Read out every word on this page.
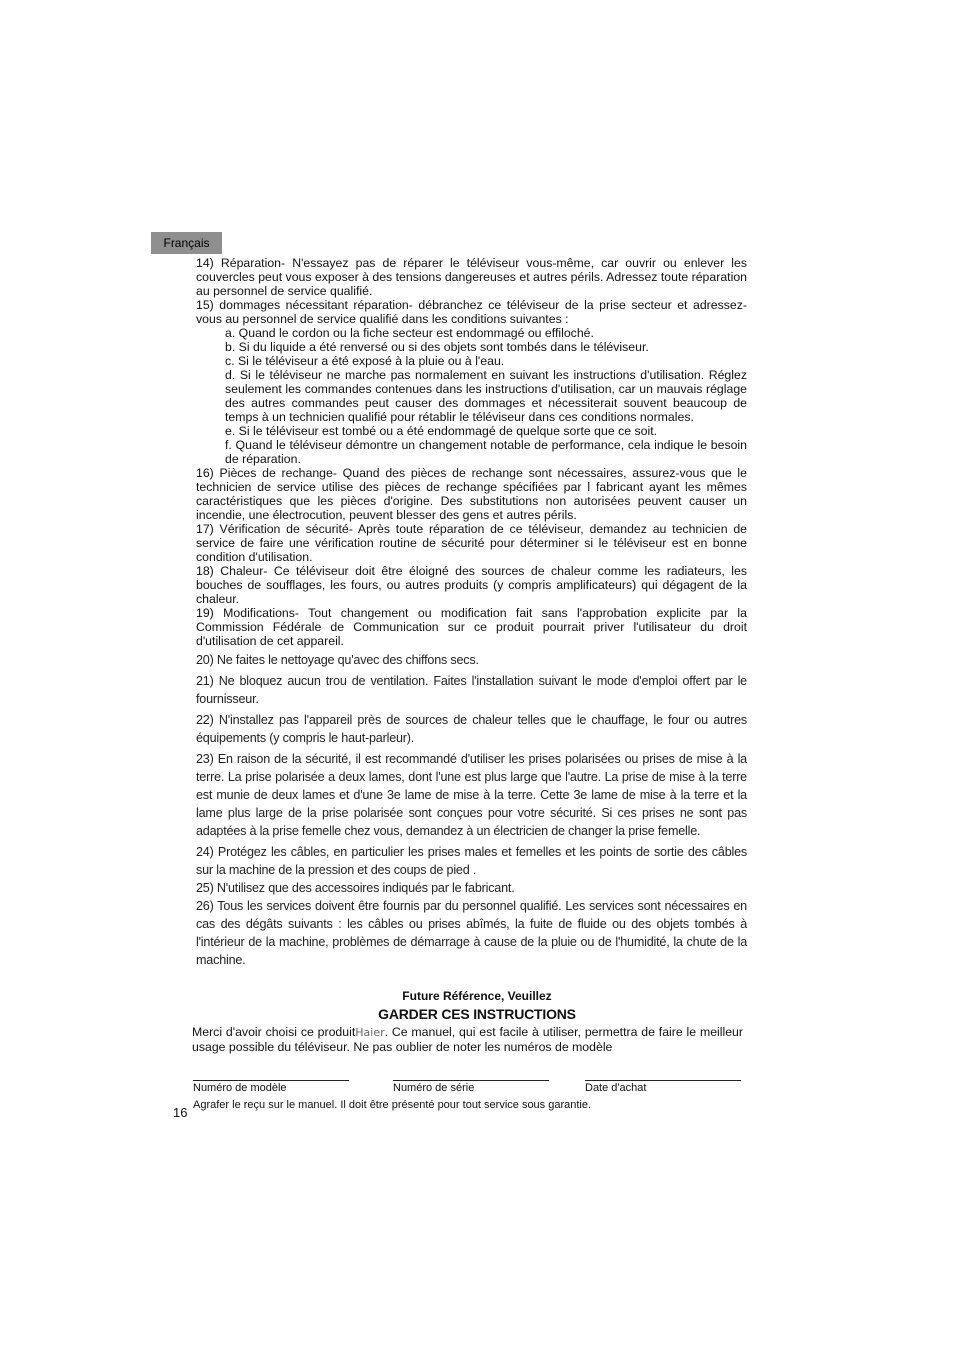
Français

14) Réparation- N'essayez pas de réparer le téléviseur vous-même, car ouvrir ou enlever les couvercles peut vous exposer à des tensions dangereuses et autres périls. Adressez toute réparation au personnel de service qualifié.

15) dommages nécessitant réparation- débranchez ce téléviseur de la prise secteur et adressez-vous au personnel de service qualifié dans les conditions suivantes :

a. Quand le cordon ou la fiche secteur est endommagé ou effiloché.

b. Si du liquide a été renversé ou si des objets sont tombés dans le téléviseur.

c. Si le téléviseur a été exposé à la pluie ou à l'eau.

d. Si le téléviseur ne marche pas normalement en suivant les instructions d'utilisation. Réglez seulement les commandes contenues dans les instructions d'utilisation, car un mauvais réglage des autres commandes peut causer des dommages et nécessiterait souvent beaucoup de temps à un technicien qualifié pour rétablir le téléviseur dans ces conditions normales.

e. Si le téléviseur est tombé ou a été endommagé de quelque sorte que ce soit.

f. Quand le téléviseur démontre un changement notable de performance, cela indique le besoin de réparation.

16) Pièces de rechange- Quand des pièces de rechange sont nécessaires, assurez-vous que le technicien de service utilise des pièces de rechange spécifiées par l fabricant ayant les mêmes caractéristiques que les pièces d'origine. Des substitutions non autorisées peuvent causer un incendie, une électrocution, peuvent blesser des gens et autres périls.

17) Vérification de sécurité- Après toute réparation de ce téléviseur, demandez au technicien de service de faire une vérification routine de sécurité pour déterminer si le téléviseur est en bonne condition d'utilisation.

18) Chaleur- Ce téléviseur doit être éloigné des sources de chaleur comme les radiateurs, les bouches de soufflages, les fours, ou autres produits (y compris amplificateurs) qui dégagent de la chaleur.

19) Modifications- Tout changement ou modification fait sans l'approbation explicite par la Commission Fédérale de Communication sur ce produit pourrait priver l'utilisateur du droit d'utilisation de cet appareil.

20) Ne faites le nettoyage qu'avec des chiffons secs.

21) Ne bloquez aucun trou de ventilation. Faites l'installation suivant le mode d'emploi offert par le fournisseur.

22) N'installez pas l'appareil près de sources de chaleur telles que le chauffage, le four ou autres équipements (y compris le haut-parleur).

23) En raison de la sécurité, il est recommandé d'utiliser les prises polarisées ou prises de mise à la terre. La prise polarisée a deux lames, dont l'une est plus large que l'autre. La prise de mise à la terre est munie de deux lames et d'une 3e lame de mise à la terre. Cette 3e lame de mise à la terre et la lame plus large de la prise polarisée sont conçues pour votre sécurité. Si ces prises ne sont pas adaptées à la prise femelle chez vous, demandez à un électricien de changer la prise femelle.

24) Protégez les câbles, en particulier les prises males et femelles et les points de sortie des câbles sur la machine de la pression et des coups de pied .

25) N'utilisez que des accessoires indiqués par le fabricant.

26) Tous les services doivent être fournis par du personnel qualifié. Les services sont nécessaires en cas des dégâts suivants : les câbles ou prises abîmés, la fuite de fluide ou des objets tombés à l'intérieur de la machine, problèmes de démarrage à cause de la pluie ou de l'humidité, la chute de la machine.

Future Référence, Veuillez
GARDER CES INSTRUCTIONS
Merci d'avoir choisi ce produitHaier. Ce manuel, qui est facile à utiliser, permettra de faire le meilleur usage possible du téléviseur. Ne pas oublier de noter les numéros de modèle
Numéro de modèle	Numéro de série	Date d'achat
Agrafer le reçu sur le manuel. Il doit être présenté pour tout service sous garantie.
16
